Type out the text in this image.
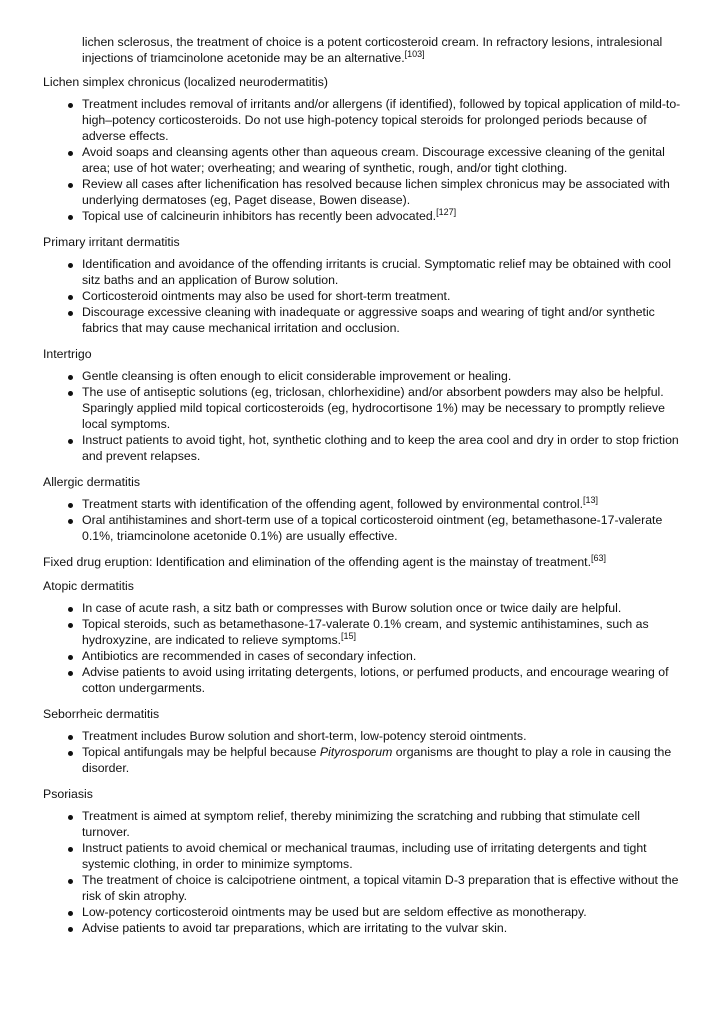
lichen sclerosus, the treatment of choice is a potent corticosteroid cream. In refractory lesions, intralesional injections of triamcinolone acetonide may be an alternative.[103]
Lichen simplex chronicus (localized neurodermatitis)
Treatment includes removal of irritants and/or allergens (if identified), followed by topical application of mild-to-high–potency corticosteroids. Do not use high-potency topical steroids for prolonged periods because of adverse effects.
Avoid soaps and cleansing agents other than aqueous cream. Discourage excessive cleaning of the genital area; use of hot water; overheating; and wearing of synthetic, rough, and/or tight clothing.
Review all cases after lichenification has resolved because lichen simplex chronicus may be associated with underlying dermatoses (eg, Paget disease, Bowen disease).
Topical use of calcineurin inhibitors has recently been advocated.[127]
Primary irritant dermatitis
Identification and avoidance of the offending irritants is crucial. Symptomatic relief may be obtained with cool sitz baths and an application of Burow solution.
Corticosteroid ointments may also be used for short-term treatment.
Discourage excessive cleaning with inadequate or aggressive soaps and wearing of tight and/or synthetic fabrics that may cause mechanical irritation and occlusion.
Intertrigo
Gentle cleansing is often enough to elicit considerable improvement or healing.
The use of antiseptic solutions (eg, triclosan, chlorhexidine) and/or absorbent powders may also be helpful. Sparingly applied mild topical corticosteroids (eg, hydrocortisone 1%) may be necessary to promptly relieve local symptoms.
Instruct patients to avoid tight, hot, synthetic clothing and to keep the area cool and dry in order to stop friction and prevent relapses.
Allergic dermatitis
Treatment starts with identification of the offending agent, followed by environmental control.[13]
Oral antihistamines and short-term use of a topical corticosteroid ointment (eg, betamethasone-17-valerate 0.1%, triamcinolone acetonide 0.1%) are usually effective.
Fixed drug eruption: Identification and elimination of the offending agent is the mainstay of treatment.[63]
Atopic dermatitis
In case of acute rash, a sitz bath or compresses with Burow solution once or twice daily are helpful.
Topical steroids, such as betamethasone-17-valerate 0.1% cream, and systemic antihistamines, such as hydroxyzine, are indicated to relieve symptoms.[15]
Antibiotics are recommended in cases of secondary infection.
Advise patients to avoid using irritating detergents, lotions, or perfumed products, and encourage wearing of cotton undergarments.
Seborrheic dermatitis
Treatment includes Burow solution and short-term, low-potency steroid ointments.
Topical antifungals may be helpful because Pityrosporum organisms are thought to play a role in causing the disorder.
Psoriasis
Treatment is aimed at symptom relief, thereby minimizing the scratching and rubbing that stimulate cell turnover.
Instruct patients to avoid chemical or mechanical traumas, including use of irritating detergents and tight systemic clothing, in order to minimize symptoms.
The treatment of choice is calcipotriene ointment, a topical vitamin D-3 preparation that is effective without the risk of skin atrophy.
Low-potency corticosteroid ointments may be used but are seldom effective as monotherapy.
Advise patients to avoid tar preparations, which are irritating to the vulvar skin.
